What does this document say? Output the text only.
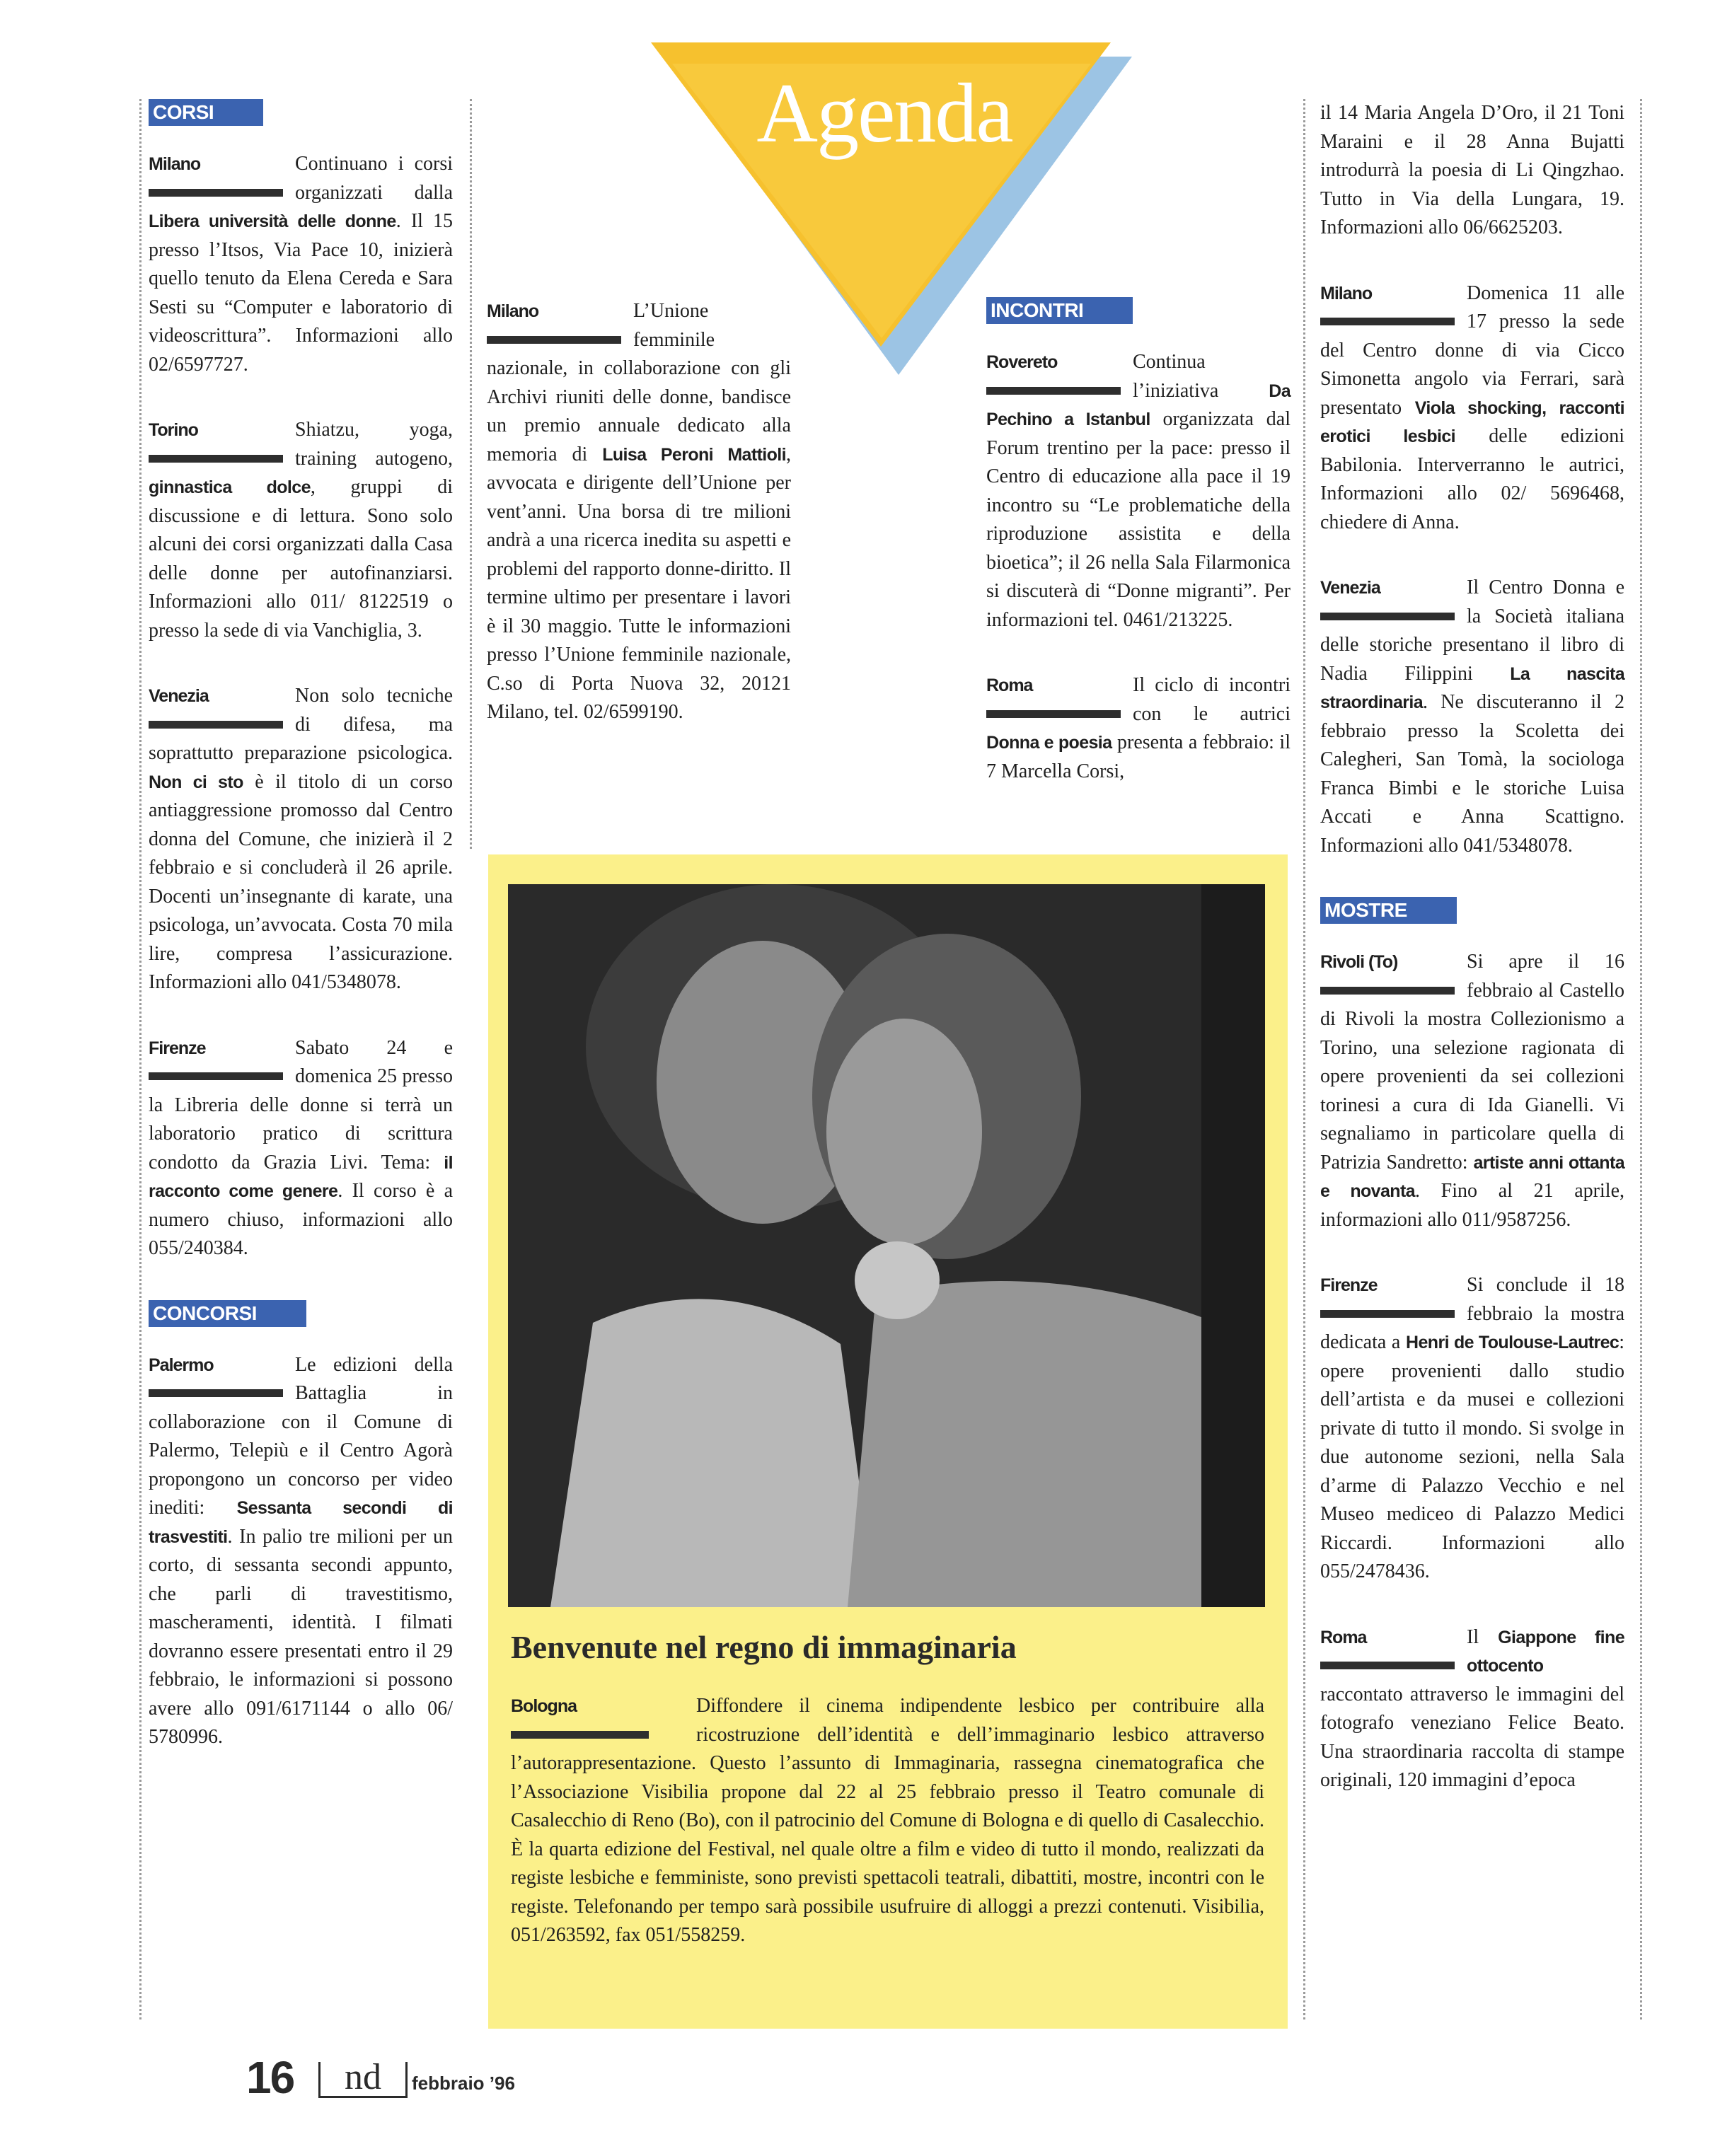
Agenda
CORSI
Milano	Continuano i corsi organizzati dalla Libera università delle donne. Il 15 presso l’Itsos, Via Pace 10, inizierà quello tenuto da Elena Cereda e Sara Sesti su “Computer e laboratorio di videoscrittura”. Informazioni allo 02/6597727.
Torino	Shiatzu, yoga, training autogeno, ginnastica dolce, gruppi di discussione e di lettura. Sono solo alcuni dei corsi organizzati dalla Casa delle donne per autofinanziarsi. Informazioni allo 011/ 8122519 o presso la sede di via Vanchiglia, 3.
Venezia	Non solo tecniche di difesa, ma soprattutto preparazione psicologica. Non ci sto è il titolo di un corso antiaggressione promosso dal Centro donna del Comune, che inizierà il 2 febbraio e si concluderà il 26 aprile. Docenti un’insegnante di karate, una psicologa, un’avvocata. Costa 70 mila lire, compresa l’assicurazione. Informazioni allo 041/5348078.
Firenze	Sabato 24 e domenica 25 presso la Libreria delle donne si terrà un laboratorio pratico di scrittura condotto da Grazia Livi. Tema: il racconto come genere. Il corso è a numero chiuso, informazioni allo 055/240384.
CONCORSI
Palermo	Le edizioni della Battaglia in collaborazione con il Comune di Palermo, Telepiù e il Centro Agorà propongono un concorso per video inediti: Sessanta secondi di trasvestiti. In palio tre milioni per un corto, di sessanta secondi appunto, che parli di travestitismo, mascheramenti, identità. I filmati dovranno essere presentati entro il 29 febbraio, le informazioni si possono avere allo 091/6171144 o allo 06/ 5780996.
Milano	L’Unione femminile nazionale, in collaborazione con gli Archivi riuniti delle donne, bandisce un premio annuale dedicato alla memoria di Luisa Peroni Mattioli, avvocata e dirigente dell’Unione per vent’anni. Una borsa di tre milioni andrà a una ricerca inedita su aspetti e problemi del rapporto donne-diritto. Il termine ultimo per presentare i lavori è il 30 maggio. Tutte le informazioni presso l’Unione femminile nazionale, C.so di Porta Nuova 32, 20121 Milano, tel. 02/6599190.
INCONTRI
Rovereto	Continua l’iniziativa Da Pechino a Istanbul organizzata dal Forum trentino per la pace: presso il Centro di educazione alla pace il 19 incontro su “Le problematiche della riproduzione assistita e della bioetica”; il 26 nella Sala Filarmonica si discuterà di “Donne migranti”. Per informazioni tel. 0461/213225.
Roma	Il ciclo di incontri con le autrici Donna e poesia presenta a febbraio: il 7 Marcella Corsi,
il 14 Maria Angela D’Oro, il 21 Toni Maraini e il 28 Anna Bujatti introdurrà la poesia di Li Qingzhao. Tutto in Via della Lungara, 19. Informazioni allo 06/6625203.
Milano	Domenica 11 alle 17 presso la sede del Centro donne di via Cicco Simonetta angolo via Ferrari, sarà presentato Viola shocking, racconti erotici lesbici delle edizioni Babilonia. Interverranno le autrici, Informazioni allo 02/ 5696468, chiedere di Anna.
Venezia	Il Centro Donna e la Società italiana delle storiche presentano il libro di Nadia Filippini La nascita straordinaria. Ne discuteranno il 2 febbraio presso la Scoletta dei Calegheri, San Tomà, la sociologa Franca Bimbi e le storiche Luisa Accati e Anna Scattigno. Informazioni allo 041/5348078.
MOSTRE
Rivoli (To)	Si apre il 16 febbraio al Castello di Rivoli la mostra Collezionismo a Torino, una selezione ragionata di opere provenienti da sei collezioni torinesi a cura di Ida Gianelli. Vi segnaliamo in particolare quella di Patrizia Sandretto: artiste anni ottanta e novanta. Fino al 21 aprile, informazioni allo 011/9587256.
Firenze	Si conclude il 18 febbraio la mostra dedicata a Henri de Toulouse-Lautrec: opere provenienti dallo studio dell’artista e da musei e collezioni private di tutto il mondo. Si svolge in due autonome sezioni, nella Sala d’arme di Palazzo Vecchio e nel Museo mediceo di Palazzo Medici Riccardi. Informazioni allo 055/2478436.
Roma	Il Giappone fine ottocento raccontato attraverso le immagini del fotografo veneziano Felice Beato. Una straordinaria raccolta di stampe originali, 120 immagini d’epoca
Benvenute nel regno di immaginaria
Bologna	Diffondere il cinema indipendente lesbico per contribuire alla ricostruzione dell’identità e dell’immaginario lesbico attraverso l’autorappresentazione. Questo l’assunto di Immaginaria, rassegna cinematografica che l’Associazione Visibilia propone dal 22 al 25 febbraio presso il Teatro comunale di Casalecchio di Reno (Bo), con il patrocinio del Comune di Bologna e di quello di Casalecchio. È la quarta edizione del Festival, nel quale oltre a film e video di tutto il mondo, realizzati da registe lesbiche e femministe, sono previsti spettacoli teatrali, dibattiti, mostre, incontri con le registe. Telefonando per tempo sarà possibile usufruire di alloggi a prezzi contenuti. Visibilia, 051/263592, fax 051/558259.
16	nd	febbraio ’96
